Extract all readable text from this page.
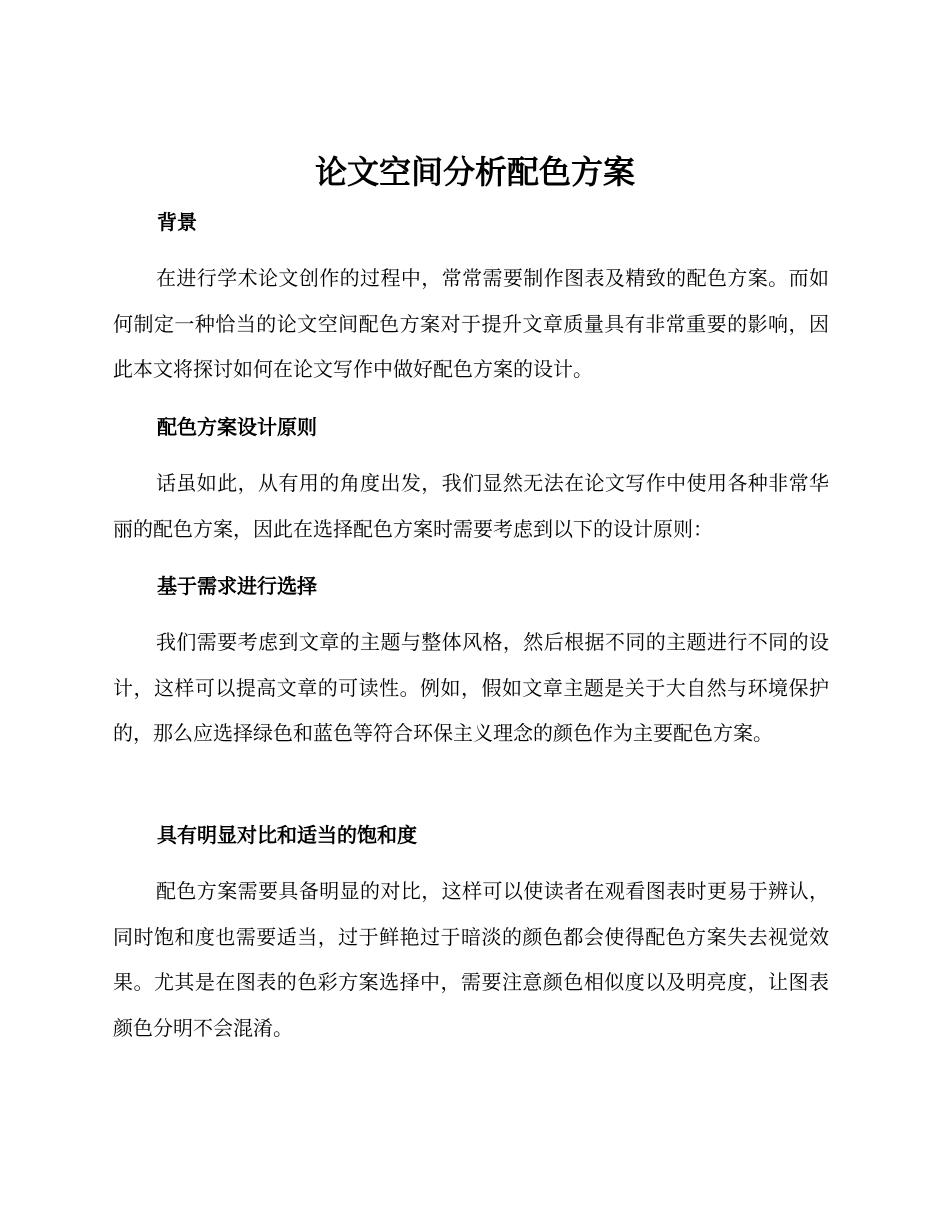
论文空间分析配色方案
背景

在进行学术论文创作的过程中，常常需要制作图表及精致的配色方案。而如何制定一种恰当的论文空间配色方案对于提升文章质量具有非常重要的影响，因此本文将探讨如何在论文写作中做好配色方案的设计。

配色方案设计原则

话虽如此，从有用的角度出发，我们显然无法在论文写作中使用各种非常华丽的配色方案，因此在选择配色方案时需要考虑到以下的设计原则：

基于需求进行选择

我们需要考虑到文章的主题与整体风格，然后根据不同的主题进行不同的设计，这样可以提高文章的可读性。例如，假如文章主题是关于大自然与环境保护的，那么应选择绿色和蓝色等符合环保主义理念的颜色作为主要配色方案。

具有明显对比和适当的饱和度

配色方案需要具备明显的对比，这样可以使读者在观看图表时更易于辨认，同时饱和度也需要适当，过于鲜艳过于暗淡的颜色都会使得配色方案失去视觉效果。尤其是在图表的色彩方案选择中，需要注意颜色相似度以及明亮度，让图表颜色分明不会混淆。
